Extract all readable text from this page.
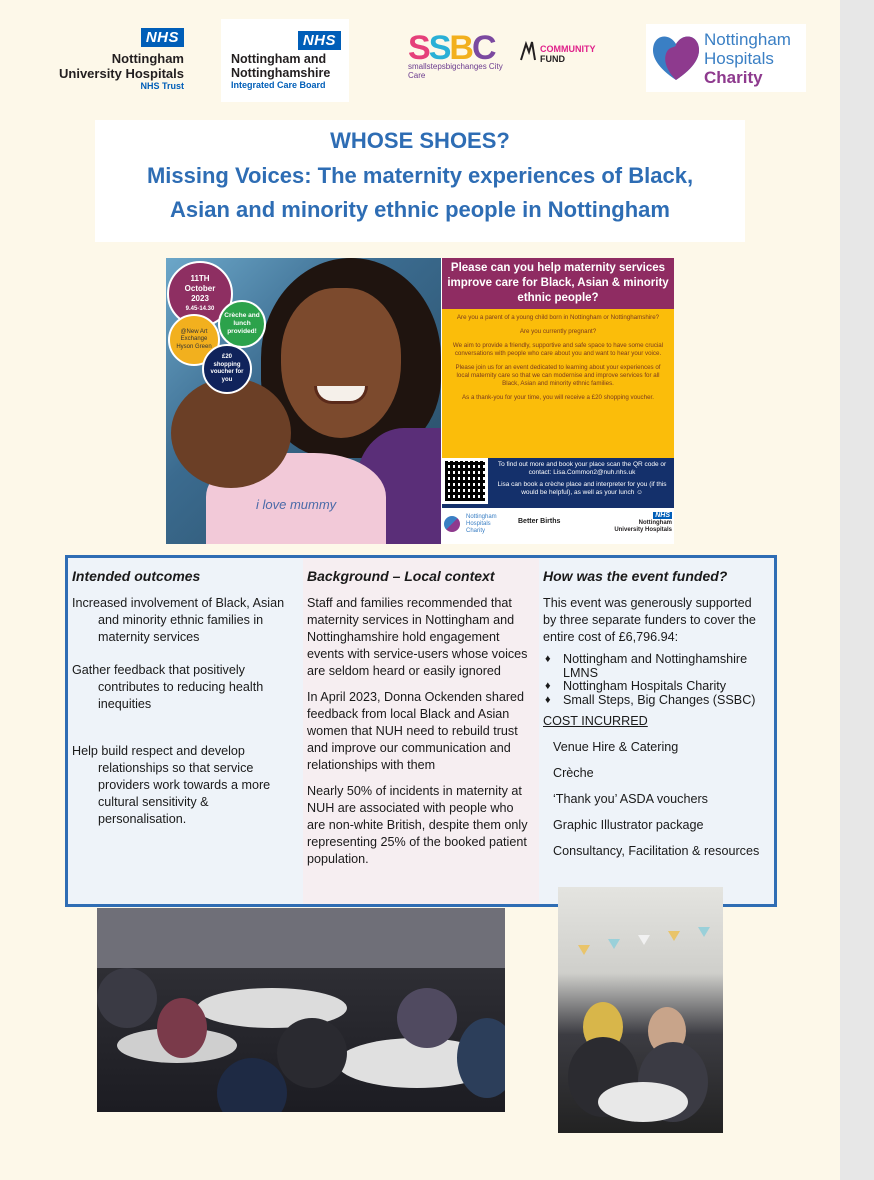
NHS
Nottingham
University Hospitals
NHS Trust
NHS
Nottingham and
Nottinghamshire
Integrated Care Board
SSBC
smallstepsbigchanges City Care
COMMUNITY
FUND
Nottingham
Hospitals
Charity
WHOSE SHOES?
Missing Voices: The maternity experiences of Black,
Asian and minority ethnic people in Nottingham
i love mummy
11TH
October
2023
9.45-14.30
Crèche and lunch provided!
@New Art Exchange Hyson Green
£20 shopping voucher for you
Please can you help maternity services improve care for Black, Asian & minority ethnic people?

Are you a parent of a young child born in Nottingham or Nottinghamshire?

Are you currently pregnant?

We aim to provide a friendly, supportive and safe space to have some crucial conversations with people who care about you and want to hear your voice.

Please join us for an event dedicated to learning about your experiences of local maternity care so that we can modernise and improve services for all Black, Asian and minority ethnic families.

As a thank-you for your time, you will receive a £20 shopping voucher.

To find out more and book your place scan the QR code or contact: Lisa.Common2@nuh.nhs.uk

Lisa can book a crèche place and interpreter for you (if this would be helpful), as well as your lunch ☺

Nottingham Hospitals Charity
Better Births
NHS
Nottingham University Hospitals
Intended outcomes
Increased involvement of Black, Asian and minority ethnic families in maternity services
Gather feedback that positively contributes to reducing health inequities
Help build respect and develop relationships so that service providers work towards a more cultural sensitivity & personalisation.
Background – Local context

Staff and families recommended that maternity services in Nottingham and Nottinghamshire hold engagement events with service-users whose voices are seldom heard or easily ignored

In April 2023, Donna Ockenden shared feedback from local Black and Asian women that NUH need to rebuild trust and improve our communication and relationships with them

Nearly 50% of incidents in maternity at NUH are associated with people who are non-white British, despite them only representing 25% of the booked patient population.

How was the event funded?

This event was generously supported by three separate funders to cover the entire cost of £6,796.94:

♦ Nottingham and Nottinghamshire LMNS
♦ Nottingham Hospitals Charity
♦ Small Steps, Big Changes (SSBC)

COST INCURRED

Venue Hire & Catering

Crèche

‘Thank you’ ASDA vouchers

Graphic Illustrator package

Consultancy, Facilitation & resources
